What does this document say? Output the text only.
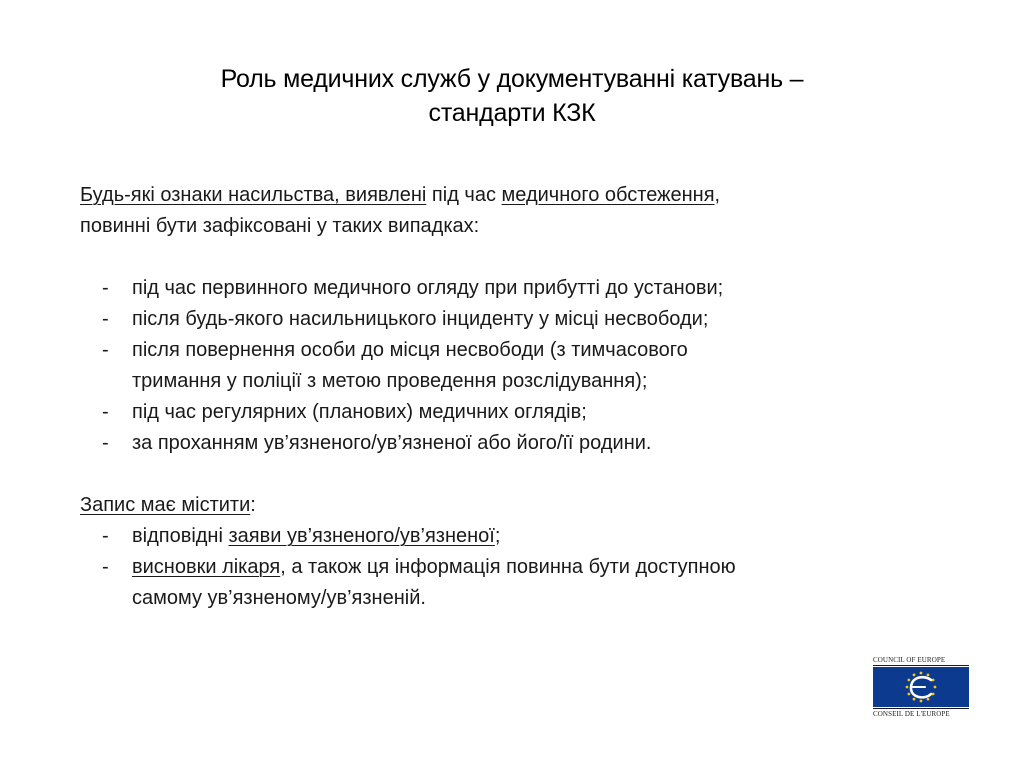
Роль медичних служб у документуванні катувань –
стандарти КЗК
Будь-які ознаки насильства, виявлені під час медичного обстеження,
повинні бути зафіксовані у таких випадках:
- під час первинного медичного огляду при прибутті до установи;
- після будь-якого насильницького інциденту у місці несвободи;
- після повернення особи до місця несвободи (з тимчасового
тримання у поліції з метою проведення розслідування);
- під час регулярних (планових) медичних оглядів;
- за проханням ув’язненого/ув’язненої або його/її родини.
Запис має містити:
- відповідні заяви ув’язненого/ув’язненої;
- висновки лікаря, а також ця інформація повинна бути доступною
самому ув’язненому/ув’язненій.
COUNCIL OF EUROPE
CONSEIL DE L'EUROPE
